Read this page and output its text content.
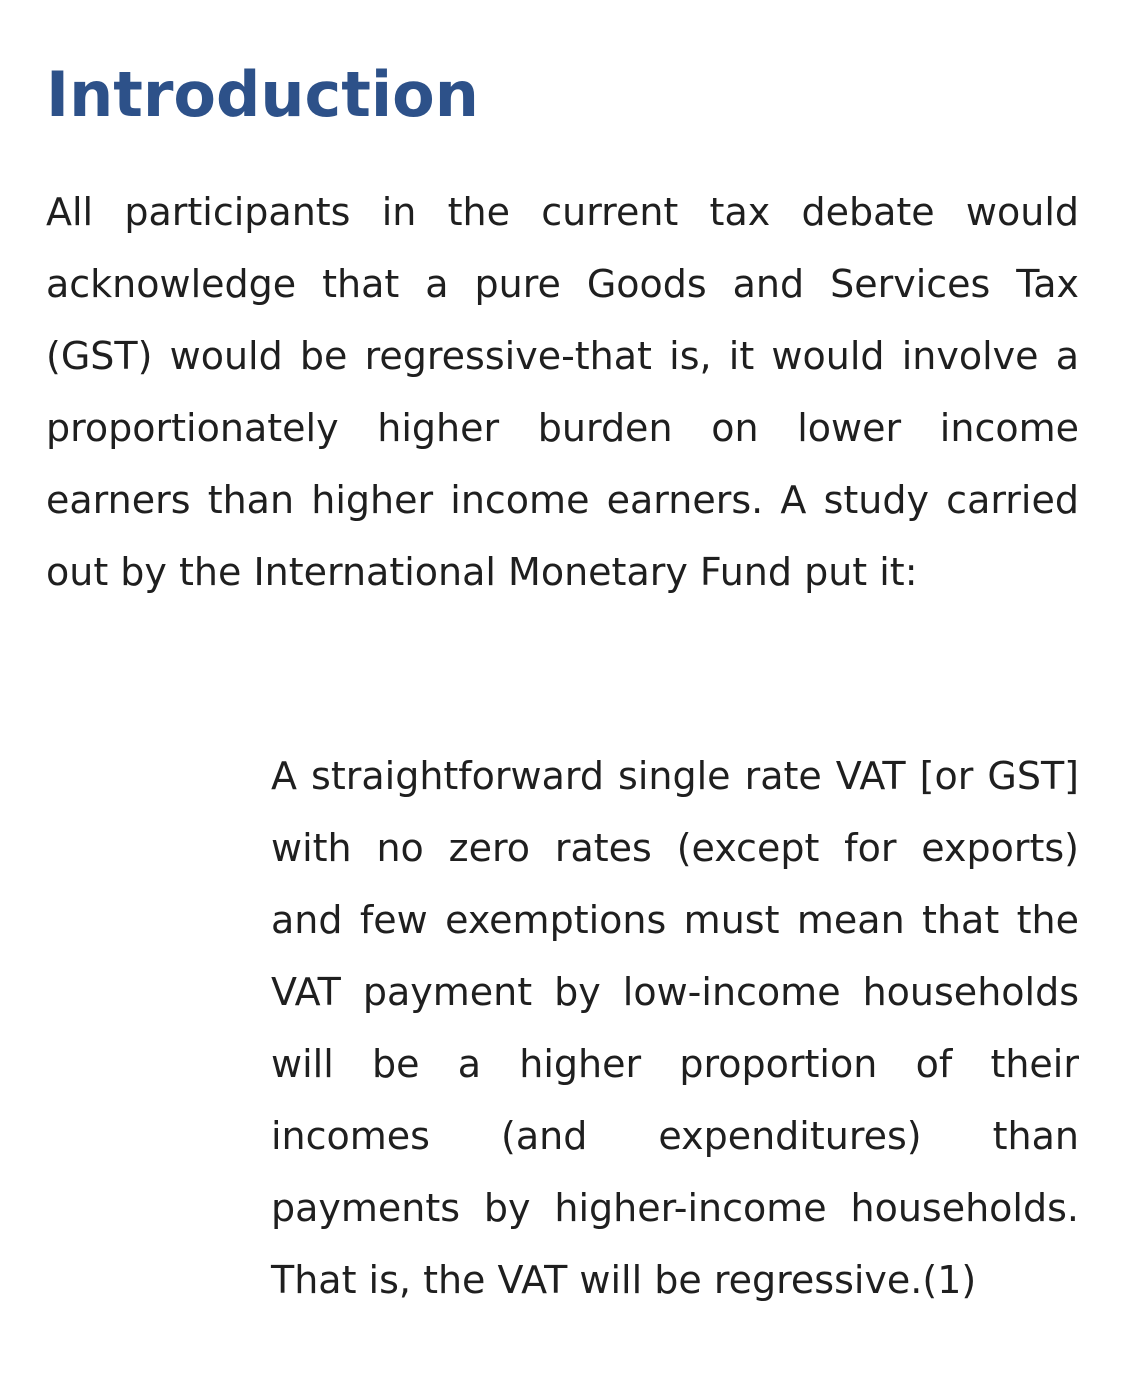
Introduction

All participants in the current tax debate would acknowledge that a pure Goods and Services Tax (GST) would be regressive-that is, it would involve a proportionately higher burden on lower income earners than higher income earners. A study carried out by the International Monetary Fund put it:

A straightforward single rate VAT [or GST] with no zero rates (except for exports) and few exemptions must mean that the VAT payment by low-income households will be a higher proportion of their incomes (and expenditures) than payments by higher-income households. That is, the VAT will be regressive.(1)
